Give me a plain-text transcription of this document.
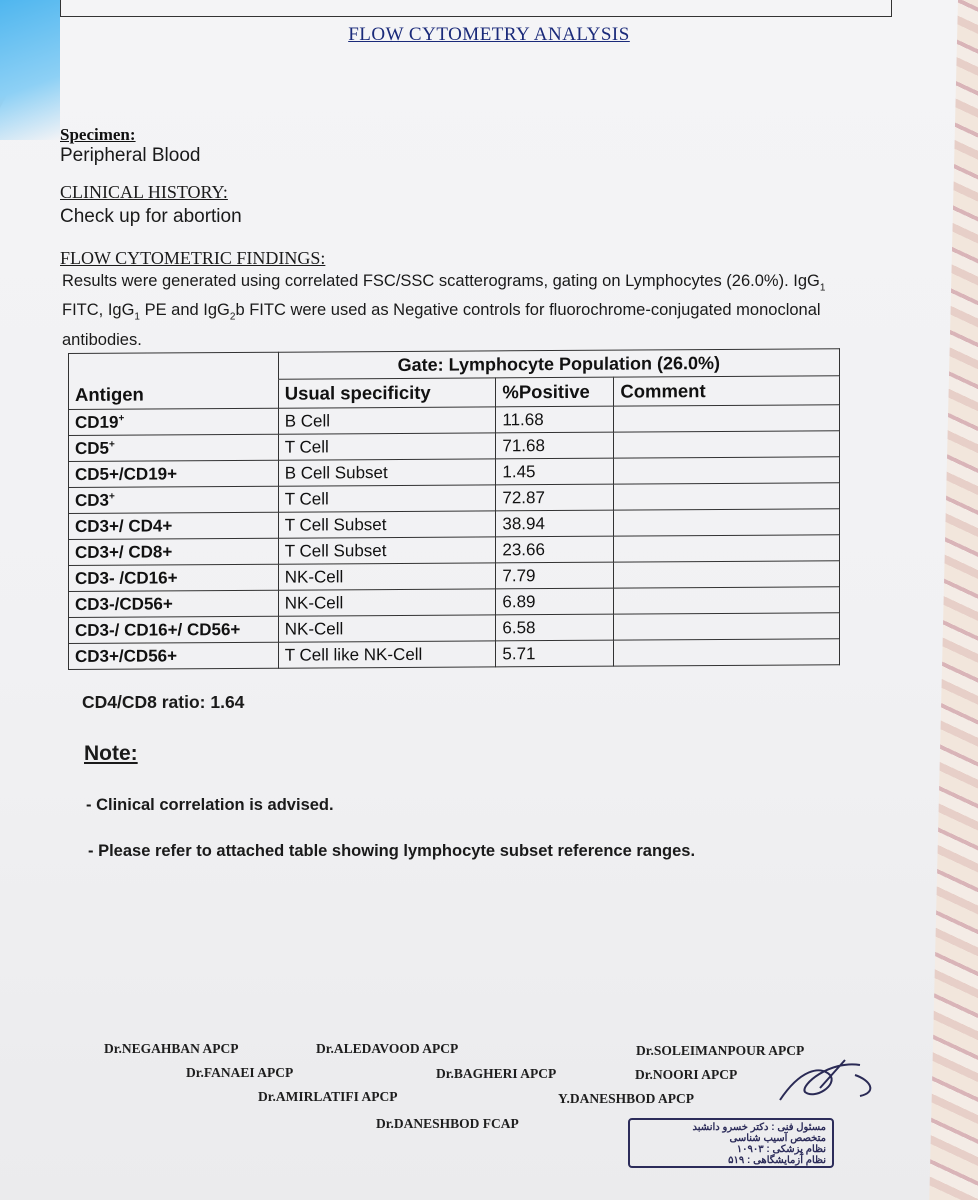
FLOW CYTOMETRY ANALYSIS
Specimen:
Peripheral Blood
CLINICAL HISTORY:
Check up for abortion
FLOW CYTOMETRIC FINDINGS:
Results were generated using correlated FSC/SSC scatterograms, gating on Lymphocytes (26.0%). IgG$_1$ FITC, IgG$_1$ PE and IgG$_2$b FITC were used as Negative controls for fluorochrome-conjugated monoclonal antibodies.
	Gate: Lymphocyte Population (26.0%)		
Antigen	Usual specificity	%Positive	Comment
CD19+	B Cell	11.68	
CD5+	T Cell	71.68	
CD5+/CD19+	B Cell Subset	1.45	
CD3+	T Cell	72.87	
CD3+/ CD4+	T Cell Subset	38.94	
CD3+/ CD8+	T Cell Subset	23.66	
CD3- /CD16+	NK-Cell	7.79	
CD3-/CD56+	NK-Cell	6.89	
CD3-/ CD16+/ CD56+	NK-Cell	6.58	
CD3+/CD56+	T Cell like NK-Cell	5.71	
CD4/CD8 ratio: 1.64
Note:
- Clinical correlation is advised.
- Please refer to attached table showing lymphocyte subset reference ranges.
Dr.NEGAHBAN APCP	Dr.ALEDAVOOD APCP	Dr.SOLEIMANPOUR APCP
Dr.FANAEI APCP	Dr.BAGHERI APCP	Dr.NOORI APCP
Dr.AMIRLATIFI APCP	Y.DANESHBOD APCP
Dr.DANESHBOD FCAP	مسئول فنی : دکتر خسرو دانشبد
متخصص آسیب شناسی
نظام پزشکی : ۱۰۹۰۳
نظام آزمایشگاهی : ۵۱۹
